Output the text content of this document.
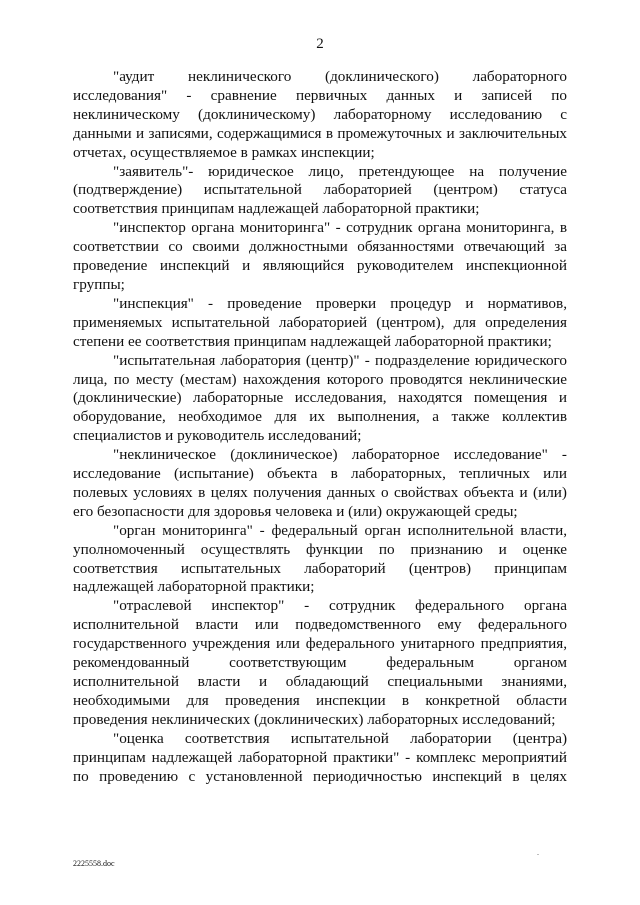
2

"аудит неклинического (доклинического) лабораторного исследования" - сравнение первичных данных и записей по неклиническому (доклиническому) лабораторному исследованию с данными и записями, содержащимися в промежуточных и заключительных отчетах, осуществляемое в рамках инспекции;

"заявитель"- юридическое лицо, претендующее на получение (подтверждение) испытательной лабораторией (центром) статуса соответствия принципам надлежащей лабораторной практики;

"инспектор органа мониторинга" - сотрудник органа мониторинга, в соответствии со своими должностными обязанностями отвечающий за проведение инспекций и являющийся руководителем инспекционной группы;

"инспекция" - проведение проверки процедур и нормативов, применяемых испытательной лабораторией (центром), для определения степени ее соответствия принципам надлежащей лабораторной практики;

"испытательная лаборатория (центр)" - подразделение юридического лица, по месту (местам) нахождения которого проводятся неклинические (доклинические) лабораторные исследования, находятся помещения и оборудование, необходимое для их выполнения, а также коллектив специалистов и руководитель исследований;

"неклиническое (доклиническое) лабораторное исследование" - исследование (испытание) объекта в лабораторных, тепличных или полевых условиях в целях получения данных о свойствах объекта и (или) его безопасности для здоровья человека и (или) окружающей среды;

"орган мониторинга" - федеральный орган исполнительной власти, уполномоченный осуществлять функции по признанию и оценке соответствия испытательных лабораторий (центров) принципам надлежащей лабораторной практики;

"отраслевой инспектор" - сотрудник федерального органа исполнительной власти или подведомственного ему федерального государственного учреждения или федерального унитарного предприятия, рекомендованный соответствующим федеральным органом исполнительной власти и обладающий специальными знаниями, необходимыми для проведения инспекции в конкретной области проведения неклинических (доклинических) лабораторных исследований;

"оценка соответствия испытательной лаборатории (центра) принципам надлежащей лабораторной практики" - комплекс мероприятий по проведению с установленной периодичностью инспекций в целях

.
2225558.doc
